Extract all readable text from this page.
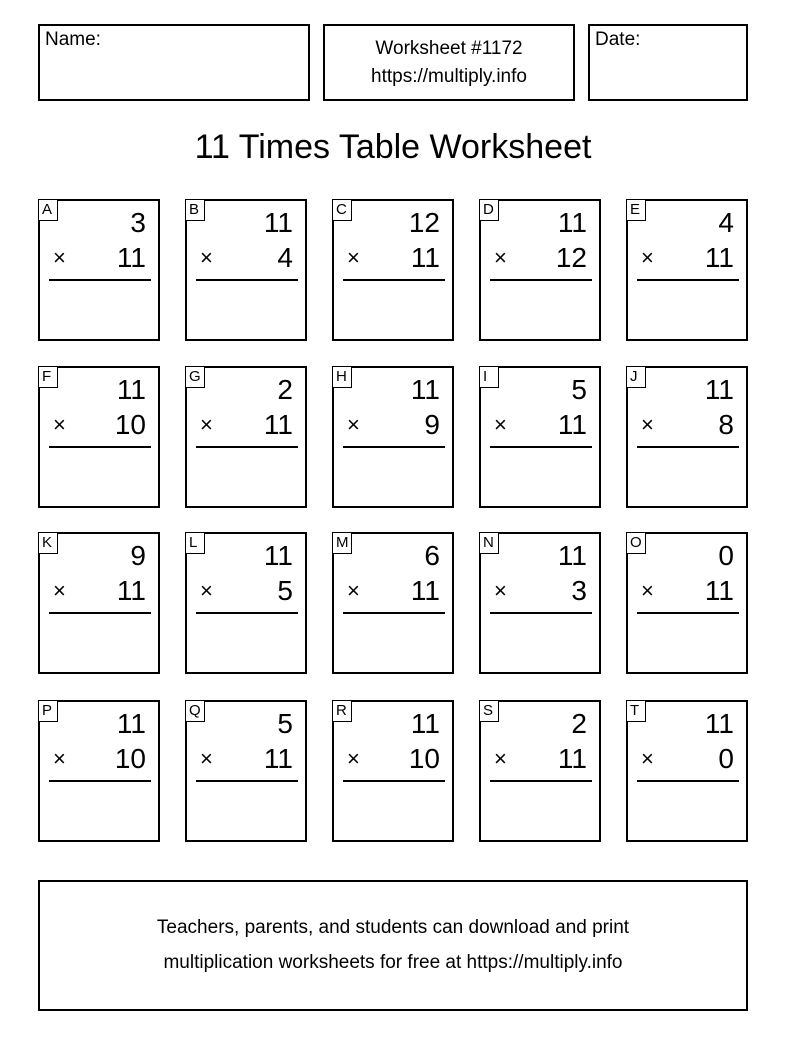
Name:	Worksheet #1172
https://multiply.info
Date:
11 Times Table Worksheet
A	3
× 11
B 11
× 4
C 12
× 11
D 11
× 12
E	4
× 11
F 11
× 10
G	2
× 11
H 11
× 9
I	5
× 11
J	11
× 8
K	9
× 11
L 11
× 5
M	6
× 11
N 11
× 3
O	0
× 11
P 11
× 10
Q	5
× 11
R 11
× 10
S	2
× 11
T 11
× 0
Teachers, parents, and students can download and print
multiplication worksheets for free at https://multiply.info
